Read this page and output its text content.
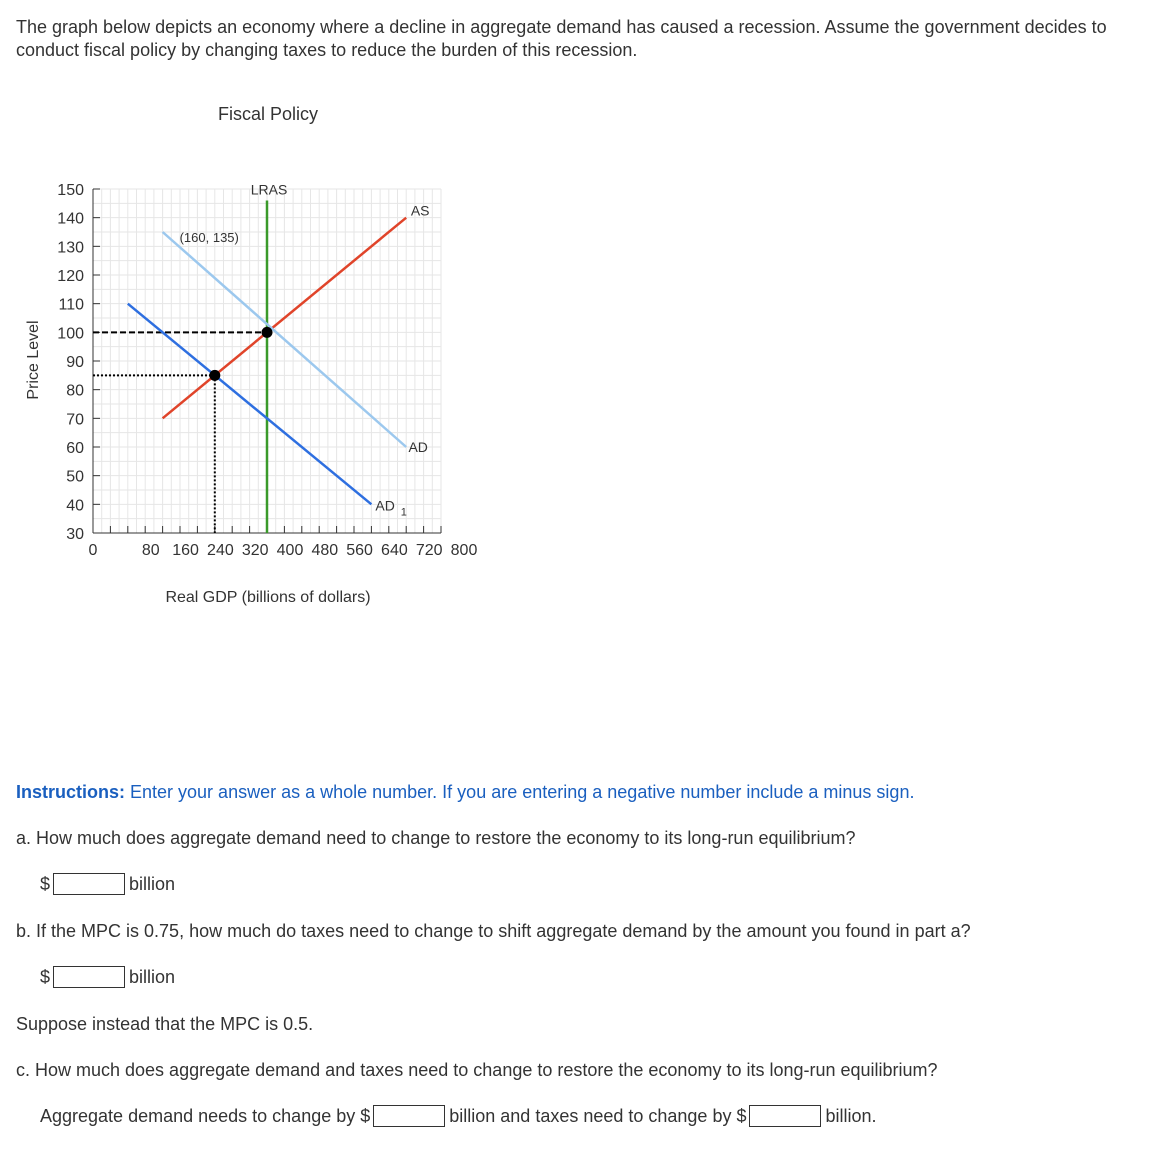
The graph below depicts an economy where a decline in aggregate demand has caused a recession. Assume the government decides to conduct fiscal policy by changing taxes to reduce the burden of this recession.
Fiscal Policy
Price Level
Real GDP (billions of dollars)
30
40
50
60
70
80
90
100
110
120
130
140
150
0	80 160 240 320 400 480 560 640 720 800
LRAS
AS
AD
AD $_1$
(160, 135)
Instructions: Enter your answer as a whole number. If you are entering a negative number include a minus sign.
a. How much does aggregate demand need to change to restore the economy to its long-run equilibrium?
$	billion
b. If the MPC is 0.75, how much do taxes need to change to shift aggregate demand by the amount you found in part a?
$	billion
Suppose instead that the MPC is 0.5.
c. How much does aggregate demand and taxes need to change to restore the economy to its long-run equilibrium?
Aggregate demand needs to change by $	billion and taxes need to change by $	billion.
